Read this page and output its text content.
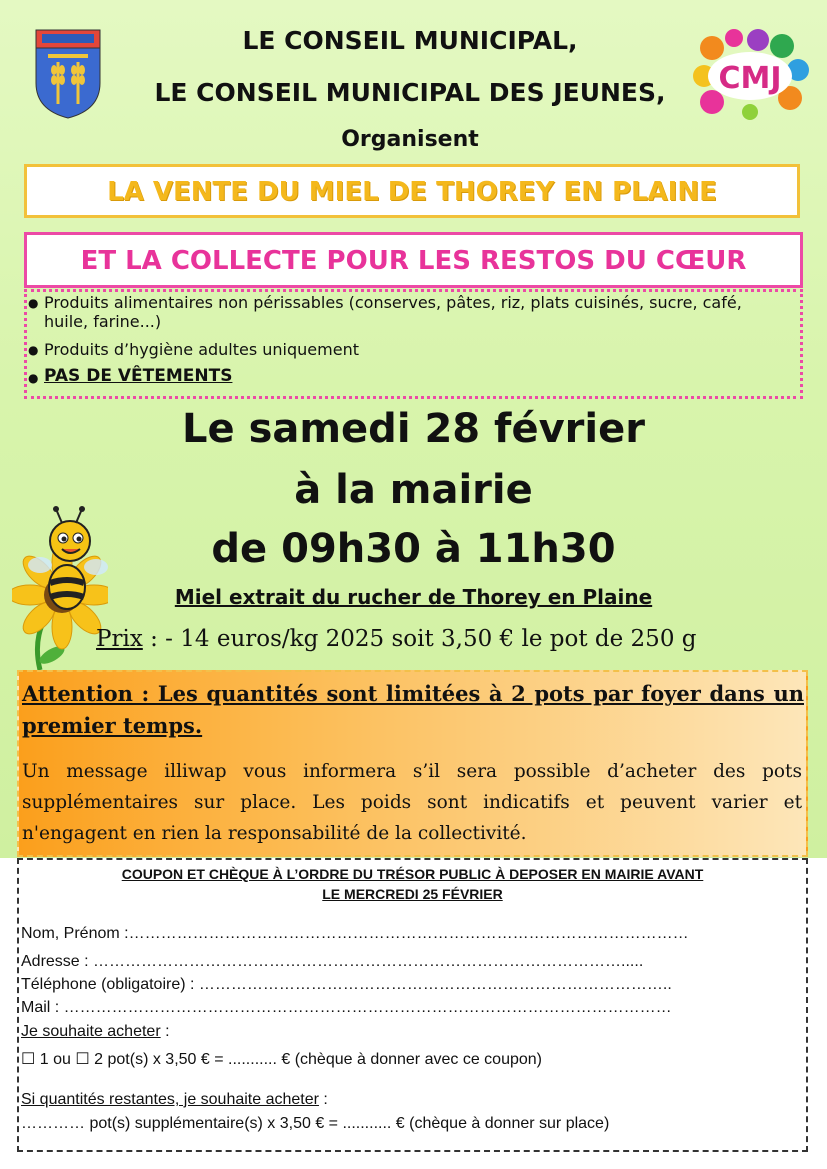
CMJ
LE CONSEIL MUNICIPAL,
LE CONSEIL MUNICIPAL DES JEUNES,
Organisent
LA VENTE DU MIEL DE THOREY EN PLAINE
ET LA COLLECTE POUR LES RESTOS DU CŒUR
● Produits alimentaires non périssables (conserves, pâtes, riz, plats cuisinés, sucre, café, huile, farine...)
● Produits d’hygiène adultes uniquement
● PAS DE VÊTEMENTS
Le samedi 28 février
à la mairie
de 09h30 à 11h30
Miel extrait du rucher de Thorey en Plaine
Prix : - 14 euros/kg 2025 soit 3,50 € le pot de 250 g
Attention : Les quantités sont limitées à 2 pots par foyer dans un premier temps.
Un message illiwap vous informera s’il sera possible d’acheter des pots supplémentaires sur place. Les poids sont indicatifs et peuvent varier et n'engagent en rien la responsabilité de la collectivité.
COUPON ET CHÈQUE À L’ORDRE DU TRÉSOR PUBLIC À DEPOSER EN MAIRIE AVANT
LE MERCREDI 25 FÉVRIER
Nom, Prénom :……………………………………………………………………………………………
Adresse : ……………………………………………………………………………………….....
Téléphone (obligatoire) : ……………………………………………………………………………..
Mail : ……………………………………………………………………………………………………
Je souhaite acheter :
☐ 1 ou ☐ 2 pot(s) x 3,50 € = ........... € (chèque à donner avec ce coupon)
Si quantités restantes, je souhaite acheter :
………… pot(s) supplémentaire(s) x 3,50 € = ........... € (chèque à donner sur place)
